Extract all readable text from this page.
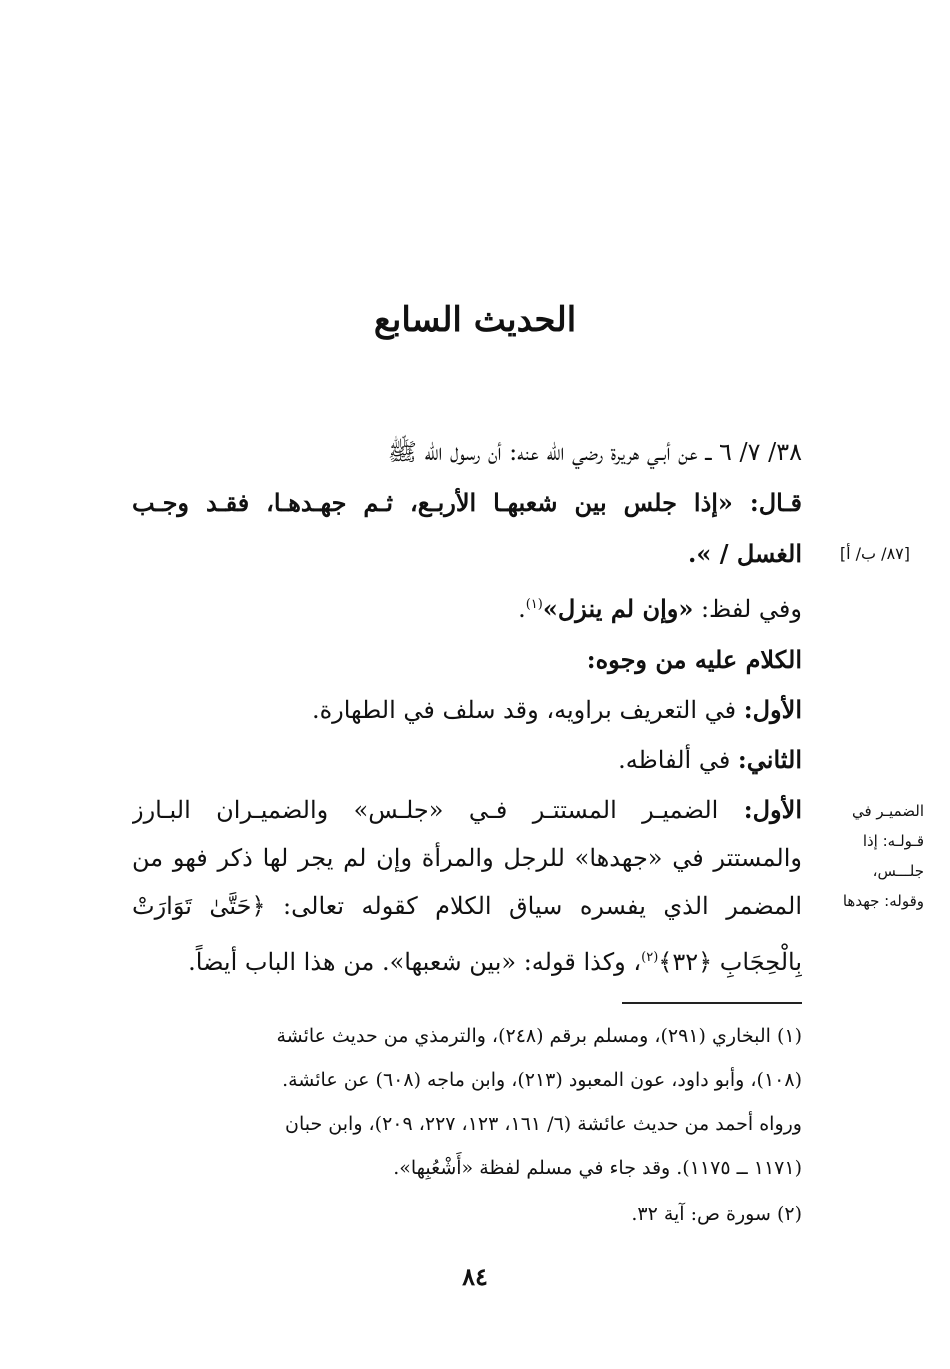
الحديث السابع
٣٨/ ٧/ ٦ ــ عن أبـي هريرة رضي الله عنه: أن رسول الله ﷺ
قـال: «إذا جلس بين شعبهـا الأربـع، ثـم جهـدهـا، فقـد وجـب
الغسل / ».	[٨٧/ ب/ أ]
وفي لفظ: «وإن لم ينزل»$^{(١)}$.
الكلام عليه من وجوه:
الأول: في التعريف براويه، وقد سلف في الطهارة.
الثاني: في ألفاظه.
الأول: الضميـر المستتـر فـي «جلـس» والضميـران البـارز
والمستتر في «جهدها» للرجل والمرأة وإن لم يجر لها ذكر فهو من
المضمر الذي يفسره سياق الكلام كقوله تعالى: ﴿حَتَّىٰ تَوَارَتْ
بِالْحِجَابِ ﴿٣٢﴾$^{(٢)}$، وكذا قوله: «بين شعبها». من هذا الباب أيضاً.
الضميـر في
قـولـه: إذا
جلـــس،
وقوله: جهدها
(١) البخاري (٢٩١)، ومسلم برقم (٢٤٨)، والترمذي من حديث عائشة
(١٠٨)، وأبو داود، عون المعبود (٢١٣)، وابن ماجه (٦٠٨) عن عائشة.
ورواه أحمد من حديث عائشة (٦/ ١٦١، ١٢٣، ٢٢٧، ٢٠٩)، وابن حبان
(١١٧١ ــ ١١٧٥). وقد جاء في مسلم لفظة «أَشْعُبِها».
(٢) سورة ص: آية ٣٢.
٨٤
